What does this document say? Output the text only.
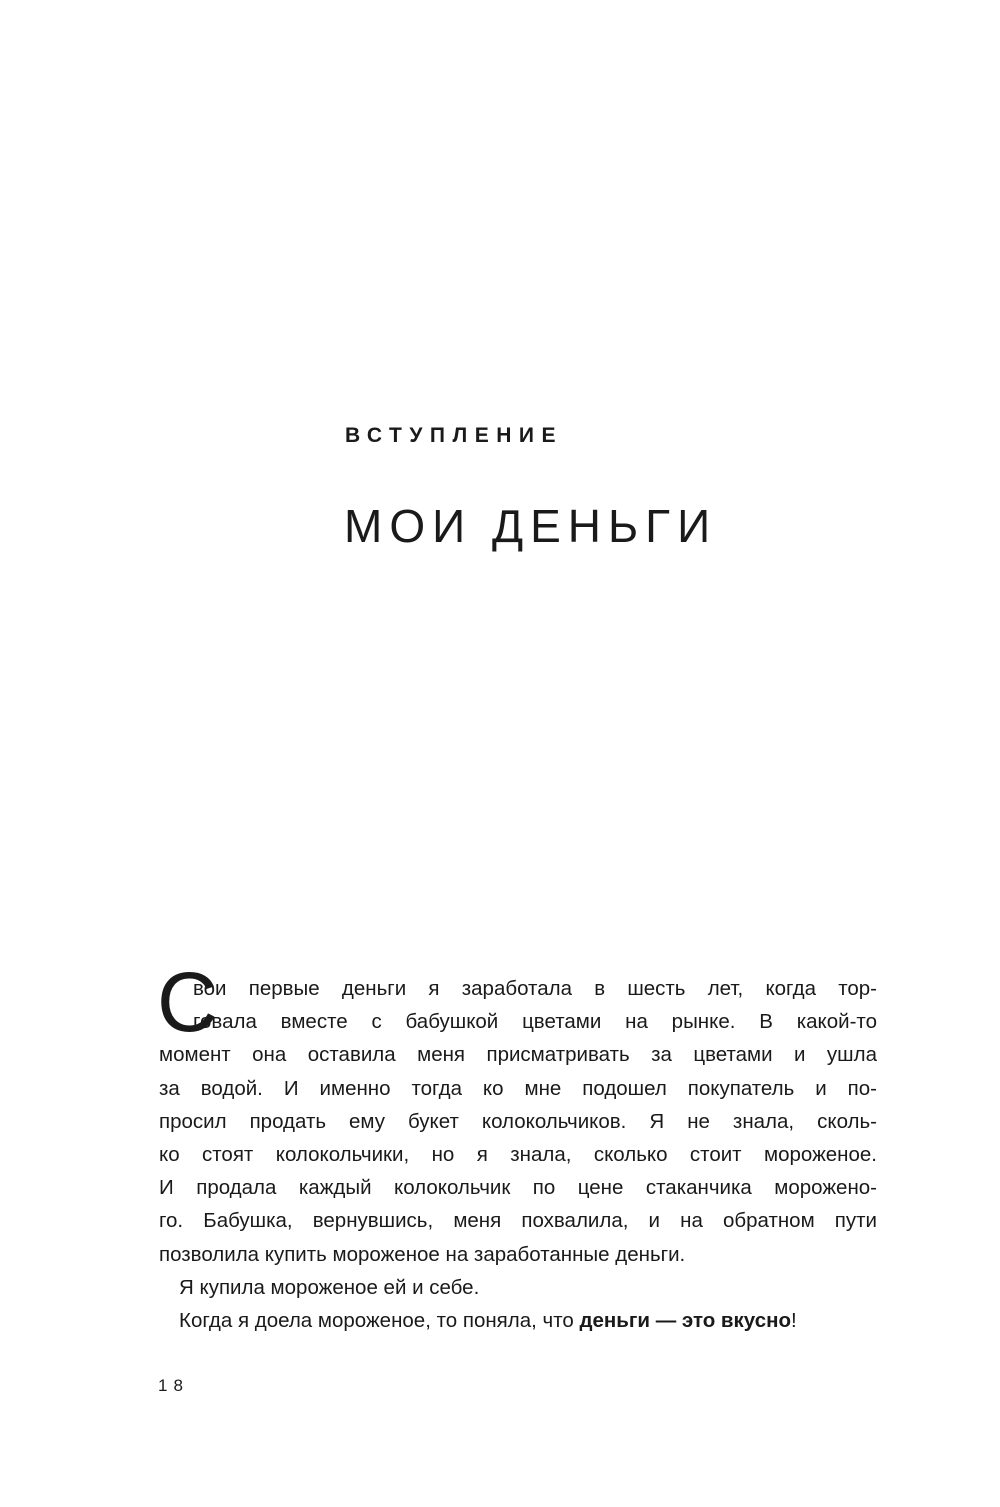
ВСТУПЛЕНИЕ
МОИ ДЕНЬГИ
С
вои первые деньги я заработала в шесть лет, когда тор-
говала вместе с бабушкой цветами на рынке. В какой-то
момент она оставила меня присматривать за цветами и ушла
за водой. И именно тогда ко мне подошел покупатель и по-
просил продать ему букет колокольчиков. Я не знала, сколь-
ко стоят колокольчики, но я знала, сколько стоит мороженое.
И продала каждый колокольчик по цене стаканчика морожено-
го. Бабушка, вернувшись, меня похвалила, и на обратном пути
позволила купить мороженое на заработанные деньги.
Я купила мороженое ей и себе.
Когда я доела мороженое, то поняла, что деньги — это вкусно!
18
